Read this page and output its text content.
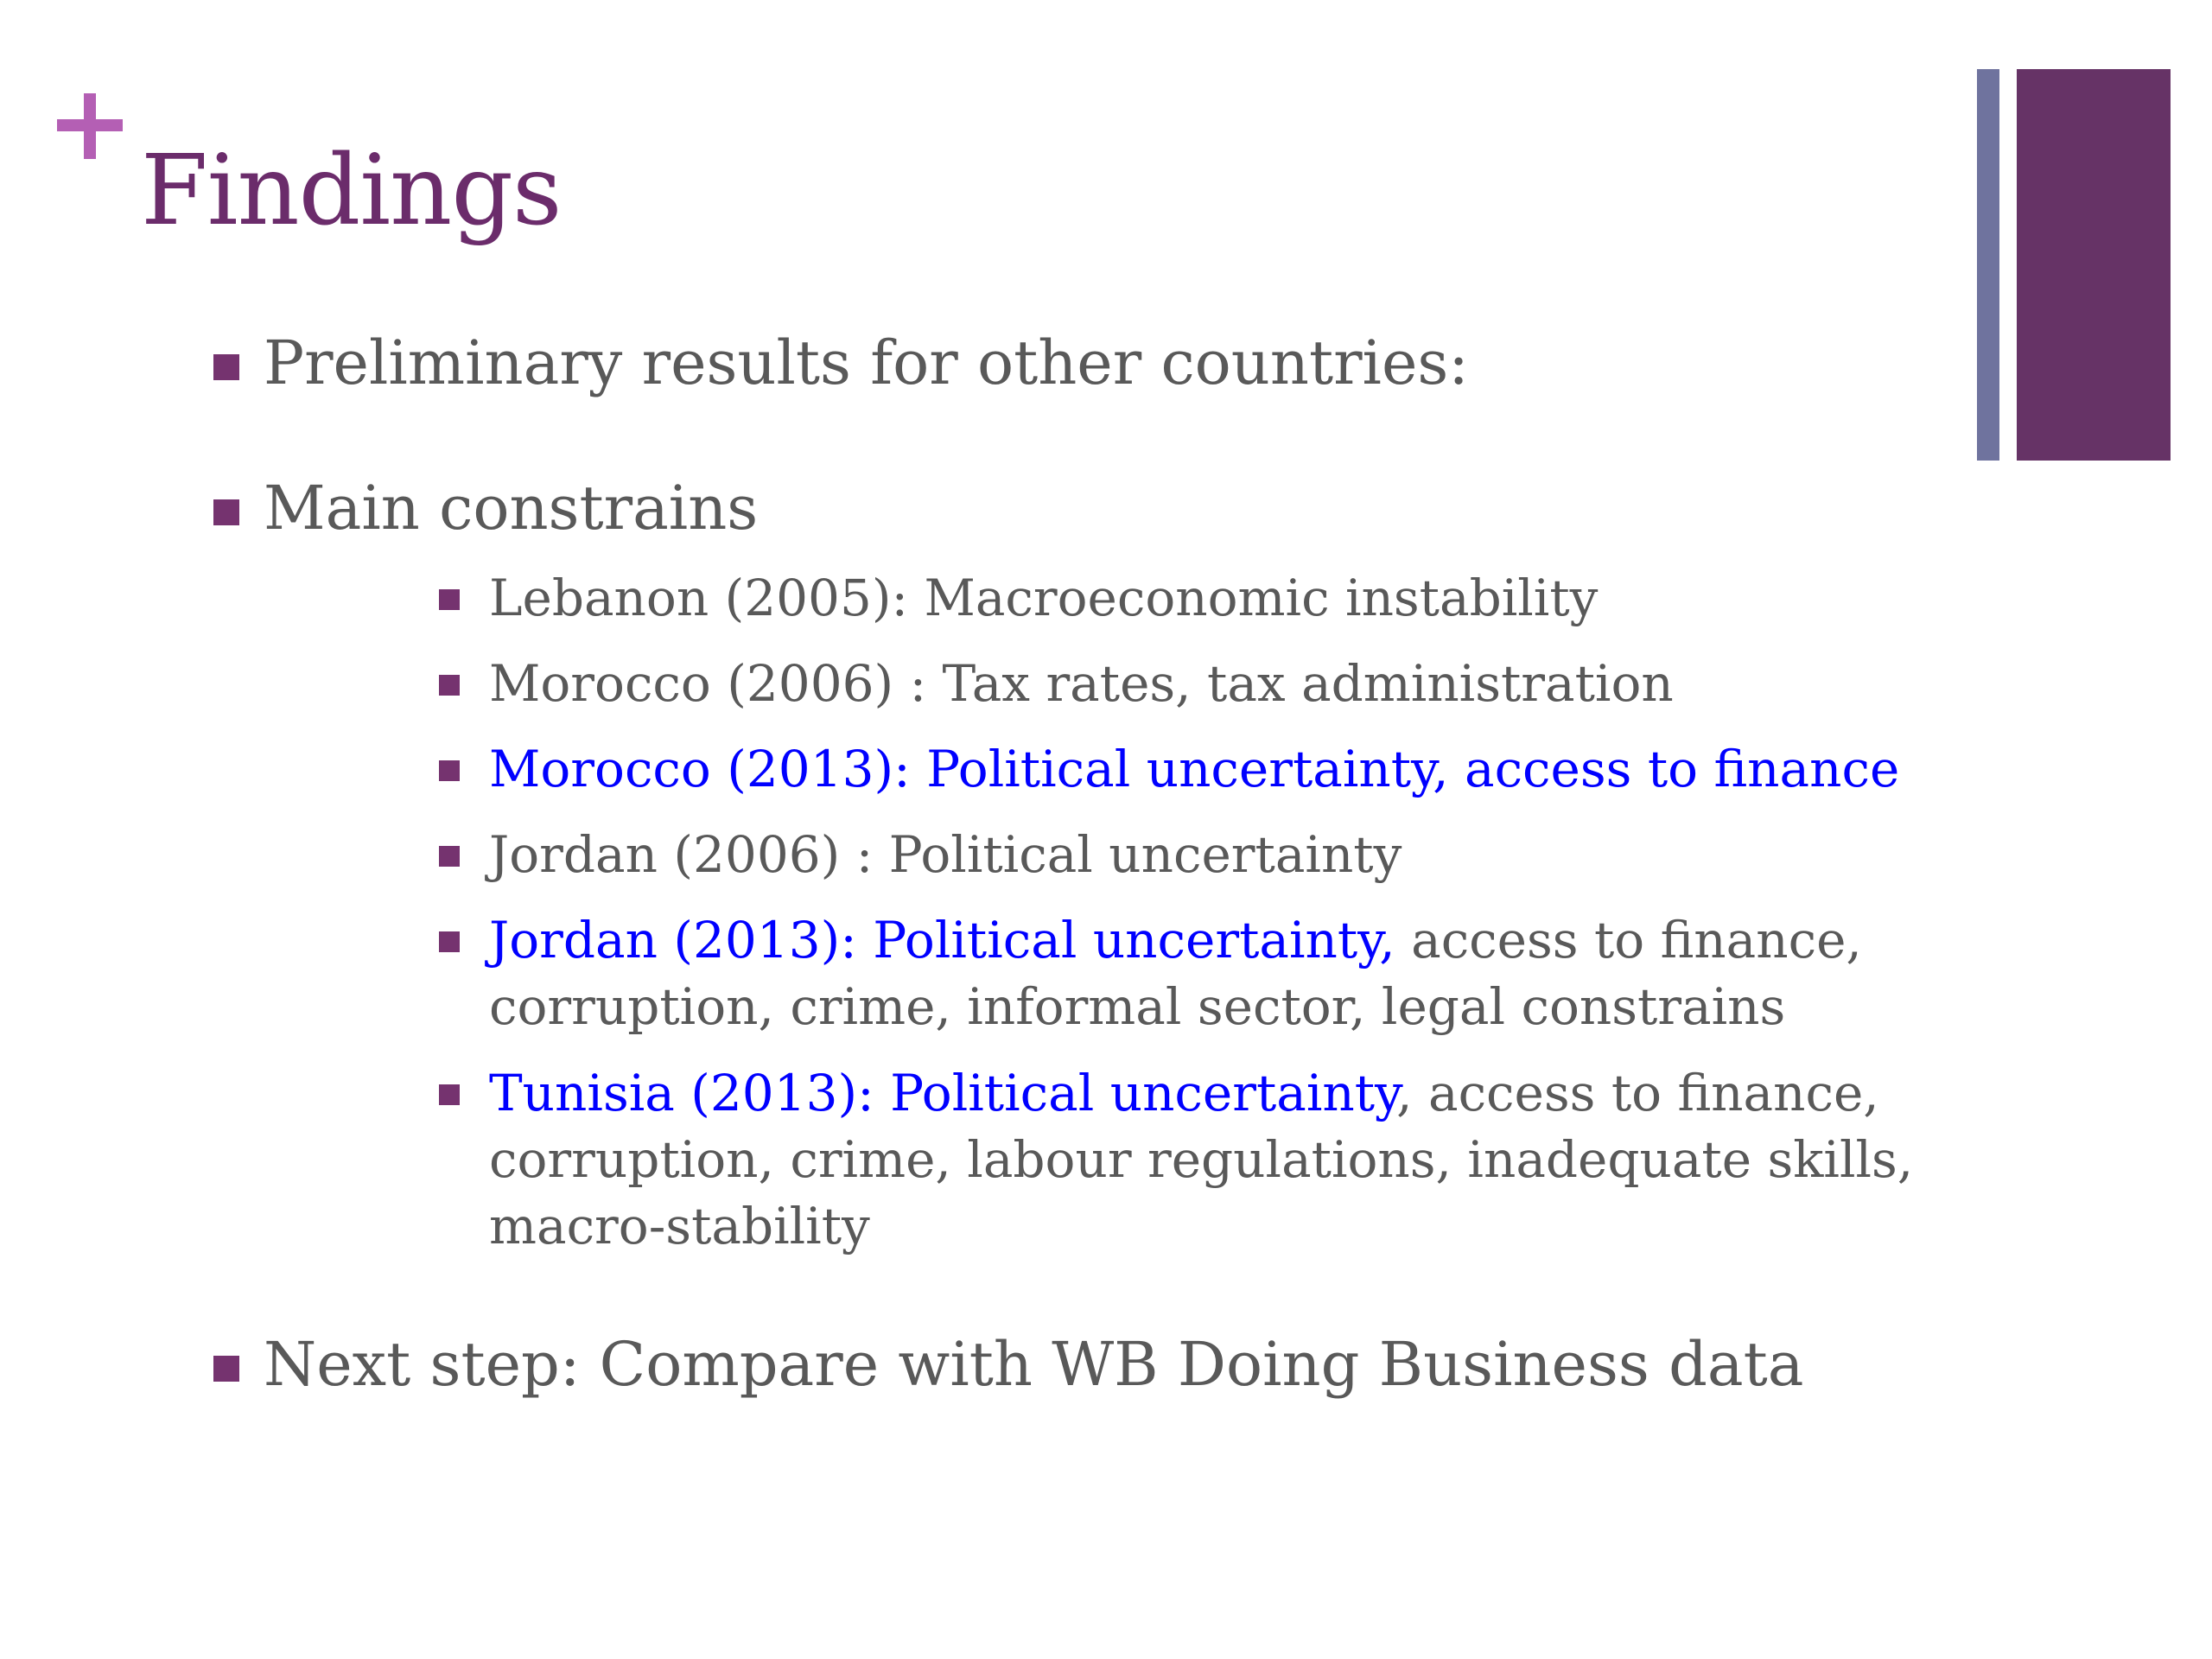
Findings
Preliminary results for other countries:
Main constrains
Lebanon (2005): Macroeconomic instability
Morocco (2006) : Tax rates, tax administration
Morocco (2013): Political uncertainty, access to finance
Jordan (2006) : Political uncertainty
Jordan (2013): Political uncertainty, access to finance, corruption, crime, informal sector, legal constrains
Tunisia (2013): Political uncertainty, access to finance, corruption, crime, labour regulations, inadequate skills, macro-stability
Next step: Compare with WB Doing Business data
